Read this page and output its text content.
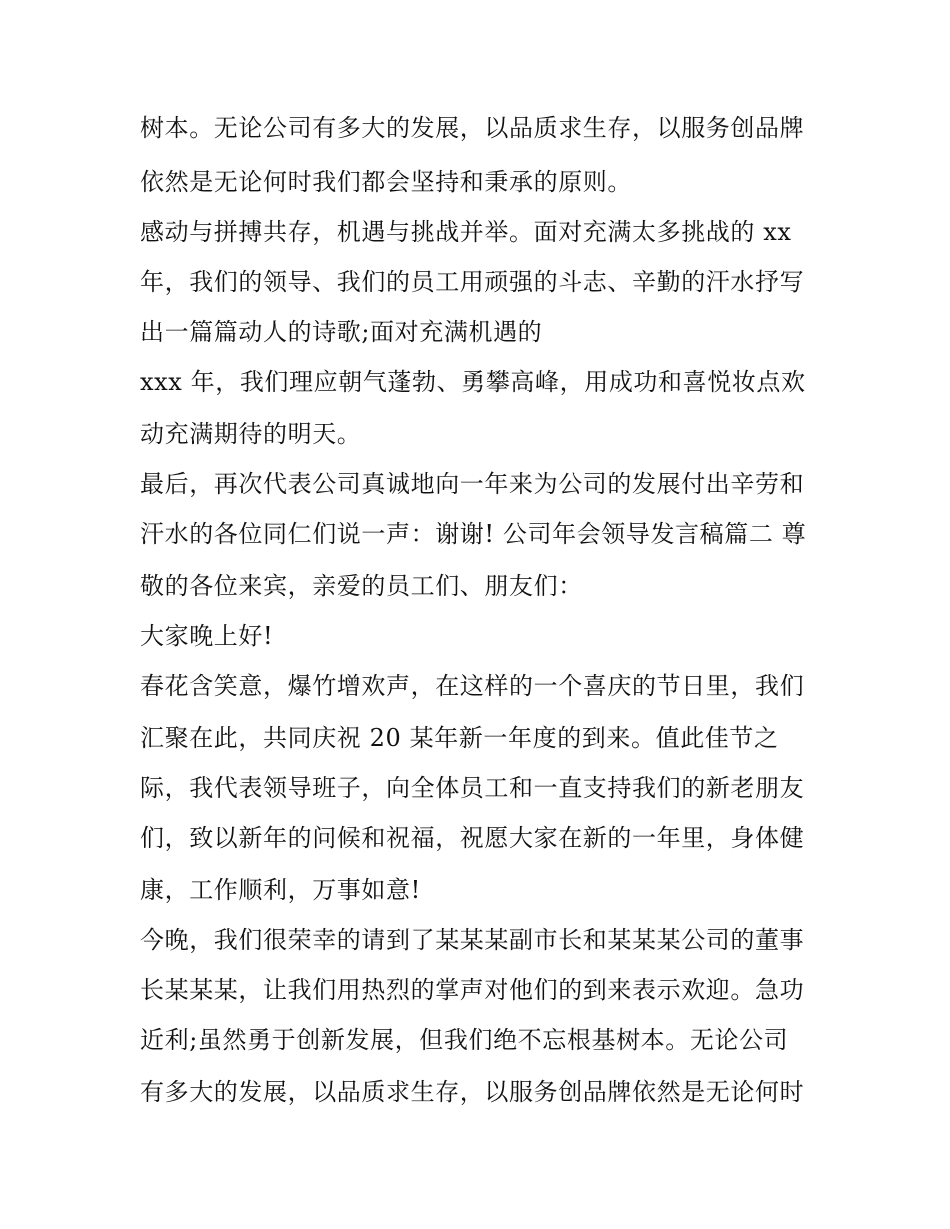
树本。无论公司有多大的发展，以品质求生存，以服务创品牌
依然是无论何时我们都会坚持和秉承的原则。
感动与拼搏共存，机遇与挑战并举。面对充满太多挑战的 xx
年，我们的领导、我们的员工用顽强的斗志、辛勤的汗水抒写
出一篇篇动人的诗歌;面对充满机遇的
xxx 年，我们理应朝气蓬勃、勇攀高峰，用成功和喜悦妆点欢
动充满期待的明天。
最后，再次代表公司真诚地向一年来为公司的发展付出辛劳和
汗水的各位同仁们说一声：谢谢! 公司年会领导发言稿篇二 尊
敬的各位来宾，亲爱的员工们、朋友们：
大家晚上好!
春花含笑意，爆竹增欢声，在这样的一个喜庆的节日里，我们
汇聚在此，共同庆祝 20 某年新一年度的到来。值此佳节之
际，我代表领导班子，向全体员工和一直支持我们的新老朋友
们，致以新年的问候和祝福，祝愿大家在新的一年里，身体健
康，工作顺利，万事如意!
今晚，我们很荣幸的请到了某某某副市长和某某某公司的董事
长某某某，让我们用热烈的掌声对他们的到来表示欢迎。急功
近利;虽然勇于创新发展，但我们绝不忘根基树本。无论公司
有多大的发展，以品质求生存，以服务创品牌依然是无论何时
